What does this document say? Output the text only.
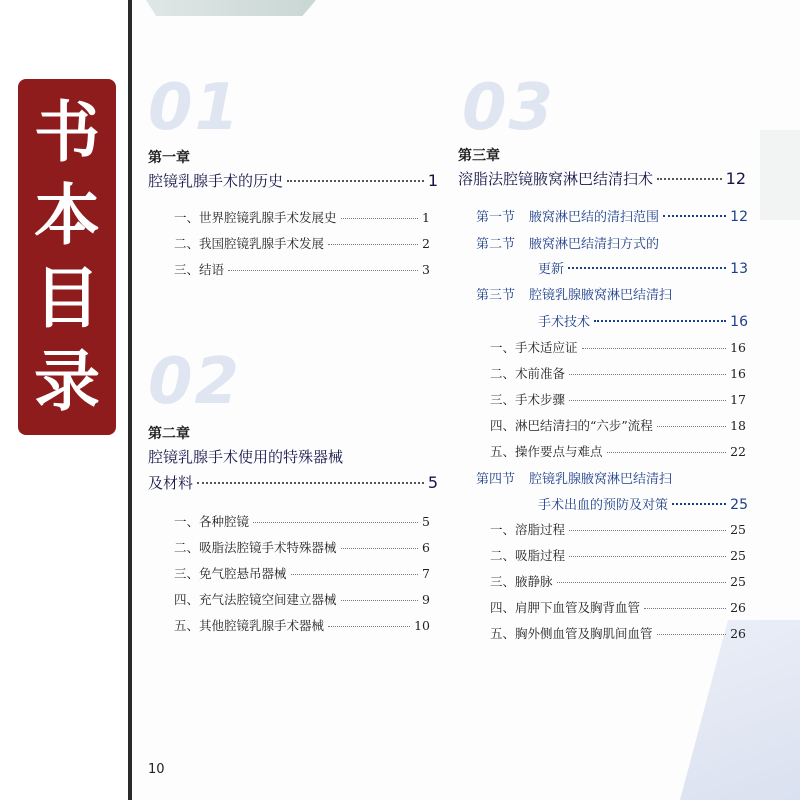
书
本
目
录
01
第一章
腔镜乳腺手术的历史	1
一、世界腔镜乳腺手术发展史	1
二、我国腔镜乳腺手术发展	2
三、结语	3
02
第二章
腔镜乳腺手术使用的特殊器械
及材料	5
一、各种腔镜	5
二、吸脂法腔镜手术特殊器械	6
三、免气腔悬吊器械	7
四、充气法腔镜空间建立器械	9
五、其他腔镜乳腺手术器械	10
03
第三章
溶脂法腔镜腋窝淋巴结清扫术	12
第一节 腋窝淋巴结的清扫范围	12
第二节 腋窝淋巴结清扫方式的
更新	13
第三节 腔镜乳腺腋窝淋巴结清扫
手术技术	16
一、手术适应证	16
二、术前准备	16
三、手术步骤	17
四、淋巴结清扫的“六步”流程	18
五、操作要点与难点	22
第四节 腔镜乳腺腋窝淋巴结清扫
手术出血的预防及对策	25
一、溶脂过程	25
二、吸脂过程	25
三、腋静脉	25
四、肩胛下血管及胸背血管	26
五、胸外侧血管及胸肌间血管	26
10
